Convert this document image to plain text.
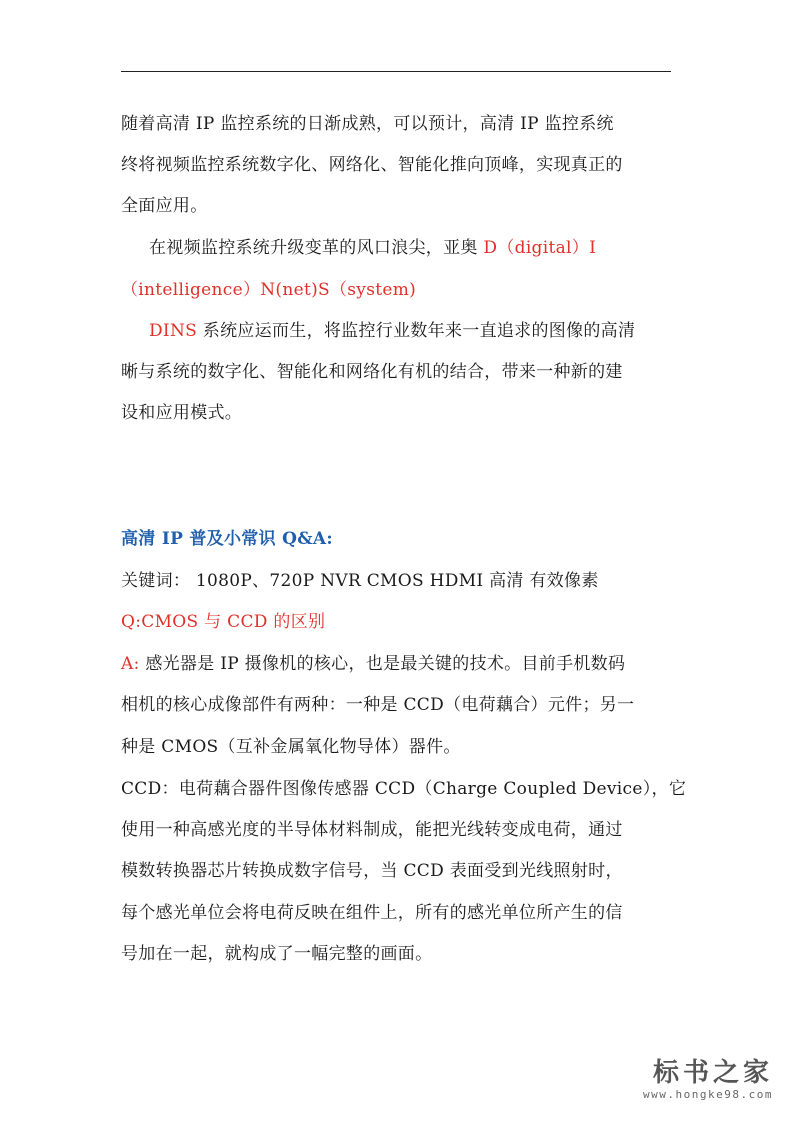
随着高清 IP 监控系统的日渐成熟，可以预计，高清 IP 监控系统
终将视频监控系统数字化、网络化、智能化推向顶峰，实现真正的
全面应用。
在视频监控系统升级变革的风口浪尖，亚奥 D（digital）I
（intelligence）N(net)S（system)
DINS 系统应运而生，将监控行业数年来一直追求的图像的高清
晰与系统的数字化、智能化和网络化有机的结合，带来一种新的建
设和应用模式。
高清 IP 普及小常识 Q&A:
关键词： 1080P、720P NVR CMOS HDMI 高清 有效像素
Q:CMOS 与 CCD 的区别
A: 感光器是 IP 摄像机的核心，也是最关键的技术。目前手机数码
相机的核心成像部件有两种：一种是 CCD（电荷藕合）元件；另一
种是 CMOS（互补金属氧化物导体）器件。
CCD：电荷藕合器件图像传感器 CCD（Charge Coupled Device），它
使用一种高感光度的半导体材料制成，能把光线转变成电荷，通过
模数转换器芯片转换成数字信号，当 CCD 表面受到光线照射时，
每个感光单位会将电荷反映在组件上，所有的感光单位所产生的信
号加在一起，就构成了一幅完整的画面。
标书之家
www.hongke98.com
